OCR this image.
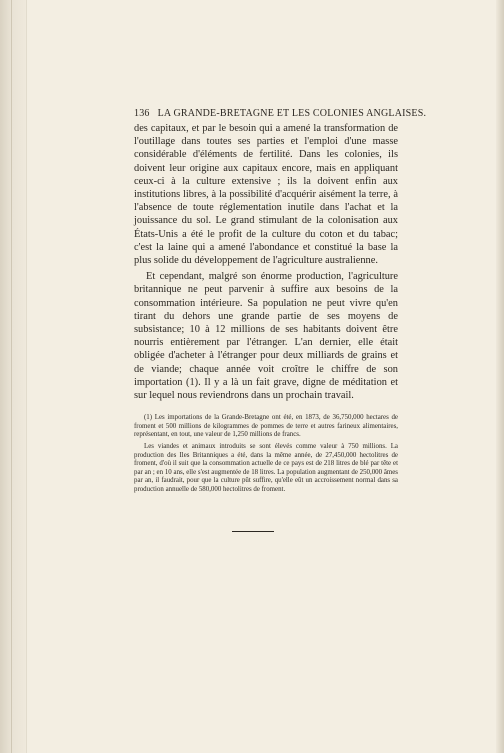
136 LA GRANDE-BRETAGNE ET LES COLONIES ANGLAISES.

des capitaux, et par le besoin qui a amené la transformation de l'outillage dans toutes ses parties et l'emploi d'une masse considérable d'éléments de fertilité. Dans les colonies, ils doivent leur origine aux capitaux encore, mais en appliquant ceux-ci à la culture extensive ; ils la doivent enfin aux institutions libres, à la possibilité d'acquérir aisément la terre, à l'absence de toute réglementation inutile dans l'achat et la jouissance du sol. Le grand stimulant de la colonisation aux États-Unis a été le profit de la culture du coton et du tabac; c'est la laine qui a amené l'abondance et constitué la base la plus solide du développement de l'agriculture australienne.

Et cependant, malgré son énorme production, l'agriculture britannique ne peut parvenir à suffire aux besoins de la consommation intérieure. Sa population ne peut vivre qu'en tirant du dehors une grande partie de ses moyens de subsistance; 10 à 12 millions de ses habitants doivent être nourris entièrement par l'étranger. L'an dernier, elle était obligée d'acheter à l'étranger pour deux milliards de grains et de viande; chaque année voit croître le chiffre de son importation (1). Il y a là un fait grave, digne de méditation et sur lequel nous reviendrons dans un prochain travail.

(1) Les importations de la Grande-Bretagne ont été, en 1873, de 36,750,000 hectares de froment et 500 millions de kilogrammes de pommes de terre et autres farineux alimentaires, représentant, en tout, une valeur de 1,250 millions de francs.

Les viandes et animaux introduits se sont élevés comme valeur à 750 millions. La production des Iles Britanniques a été, dans la même année, de 27,450,000 hectolitres de froment, d'où il suit que la consommation actuelle de ce pays est de 218 litres de blé par tête et par an ; en 10 ans, elle s'est augmentée de 18 litres. La population augmentant de 250,000 âmes par an, il faudrait, pour que la culture pût suffire, qu'elle eût un accroissement normal dans sa production annuelle de 580,000 hectolitres de froment.
